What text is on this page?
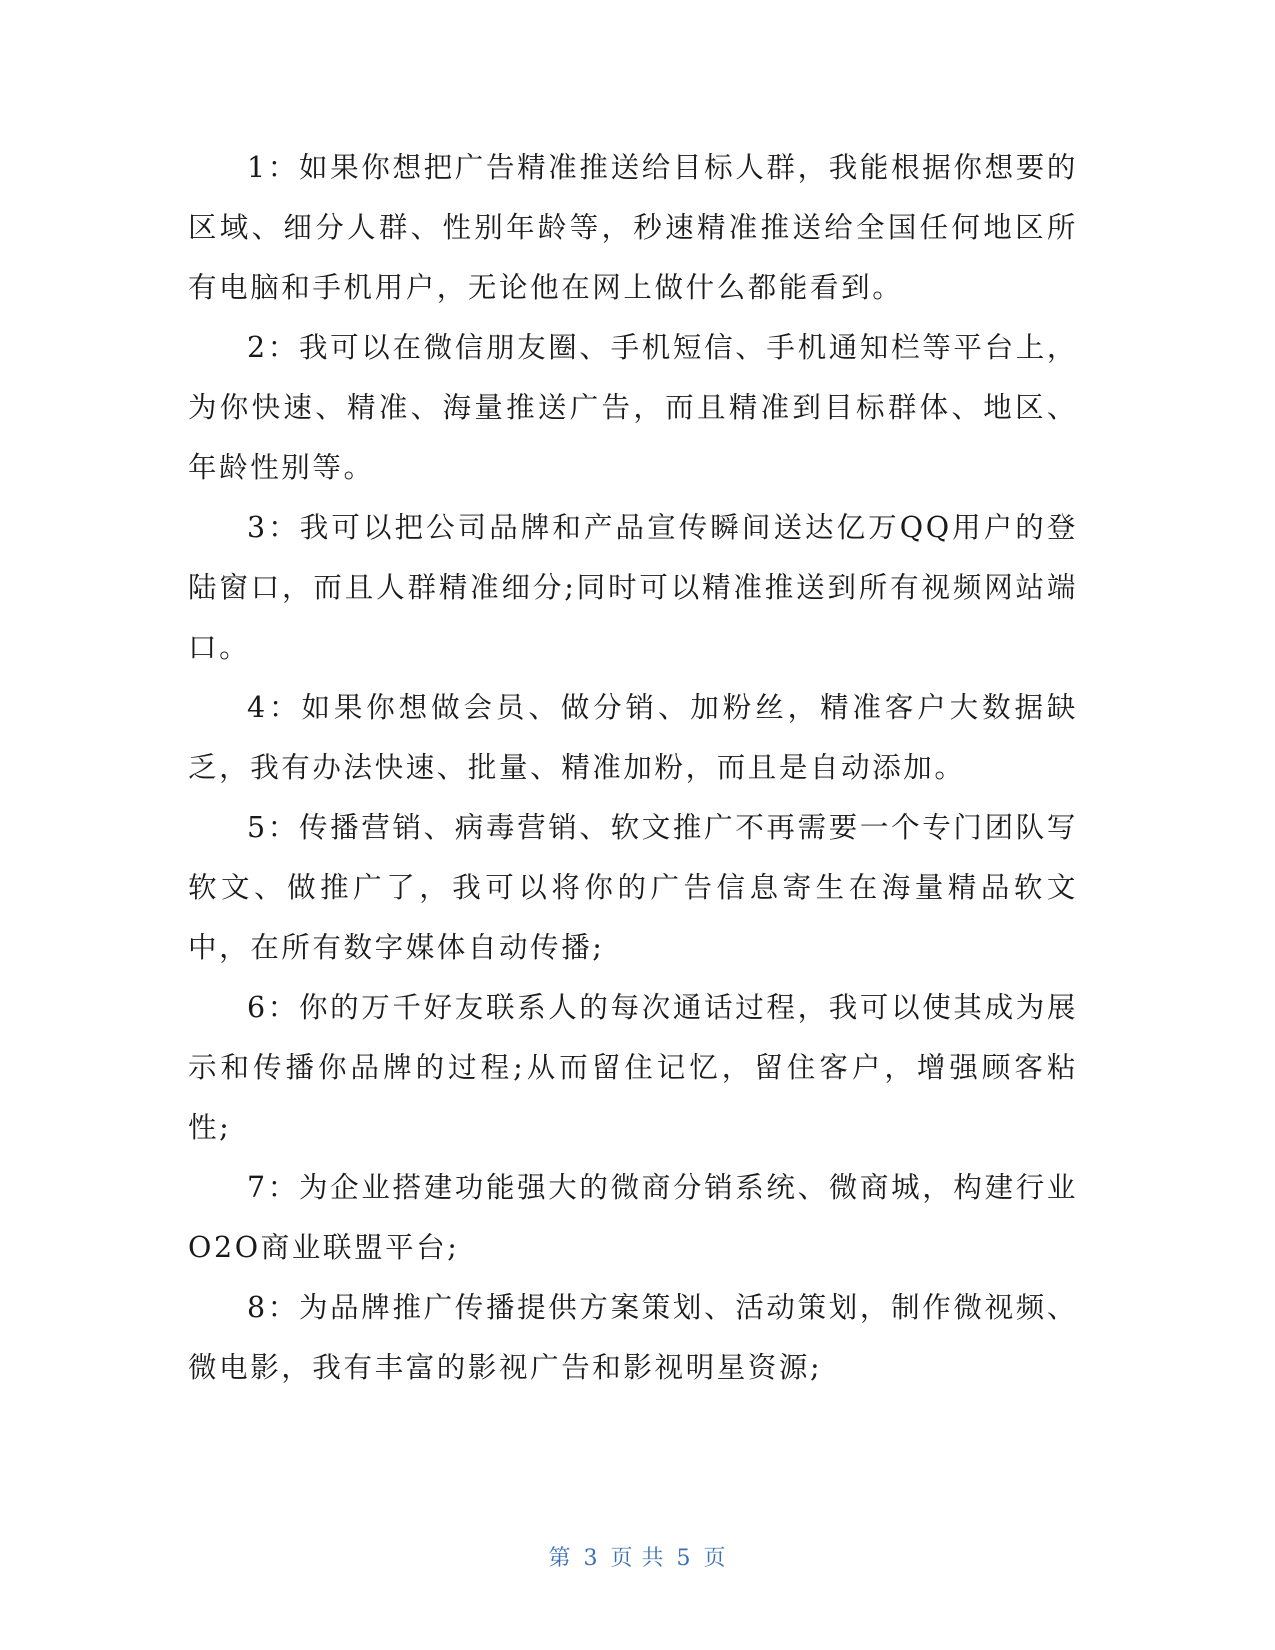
1：如果你想把广告精准推送给目标人群，我能根据你想要的区域、细分人群、性别年龄等，秒速精准推送给全国任何地区所有电脑和手机用户，无论他在网上做什么都能看到。

2：我可以在微信朋友圈、手机短信、手机通知栏等平台上，为你快速、精准、海量推送广告，而且精准到目标群体、地区、年龄性别等。

3：我可以把公司品牌和产品宣传瞬间送达亿万QQ用户的登陆窗口，而且人群精准细分;同时可以精准推送到所有视频网站端口。

4：如果你想做会员、做分销、加粉丝，精准客户大数据缺乏，我有办法快速、批量、精准加粉，而且是自动添加。

5：传播营销、病毒营销、软文推广不再需要一个专门团队写软文、做推广了，我可以将你的广告信息寄生在海量精品软文中，在所有数字媒体自动传播;

6：你的万千好友联系人的每次通话过程，我可以使其成为展示和传播你品牌的过程;从而留住记忆，留住客户，增强顾客粘性;

7：为企业搭建功能强大的微商分销系统、微商城，构建行业O2O商业联盟平台;

8：为品牌推广传播提供方案策划、活动策划，制作微视频、微电影，我有丰富的影视广告和影视明星资源;

第 3 页 共 5 页
